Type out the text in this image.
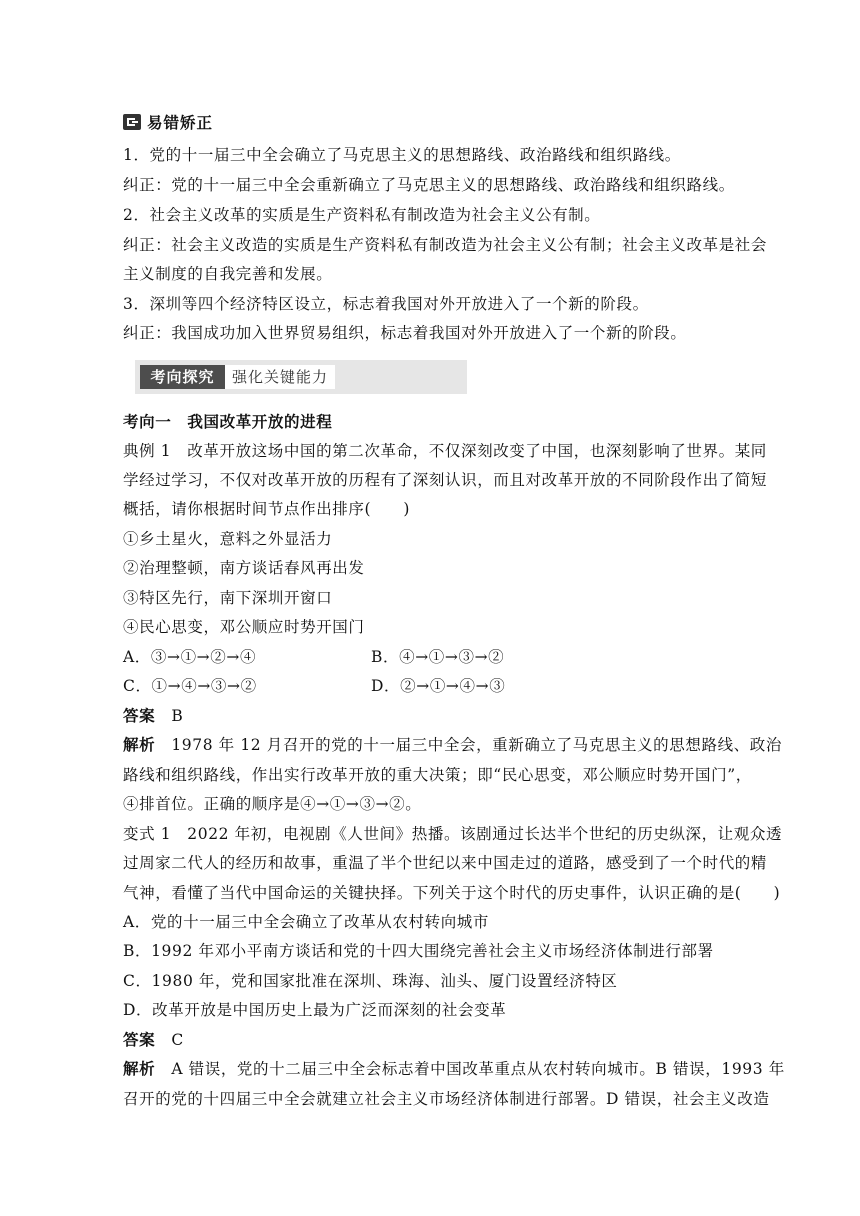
易错矫正
1．党的十一届三中全会确立了马克思主义的思想路线、政治路线和组织路线。
纠正：党的十一届三中全会重新确立了马克思主义的思想路线、政治路线和组织路线。
2．社会主义改革的实质是生产资料私有制改造为社会主义公有制。
纠正：社会主义改造的实质是生产资料私有制改造为社会主义公有制；社会主义改革是社会
主义制度的自我完善和发展。
3．深圳等四个经济特区设立，标志着我国对外开放进入了一个新的阶段。
纠正：我国成功加入世界贸易组织，标志着我国对外开放进入了一个新的阶段。
考向探究	强化关键能力
考向一　我国改革开放的进程
典例 1　改革开放这场中国的第二次革命，不仅深刻改变了中国，也深刻影响了世界。某同
学经过学习，不仅对改革开放的历程有了深刻认识，而且对改革开放的不同阶段作出了简短
概括，请你根据时间节点作出排序(　　)
①乡土星火，意料之外显活力
②治理整顿，南方谈话春风再出发
③特区先行，南下深圳开窗口
④民心思变，邓公顺应时势开国门
A．③→①→②→④	B．④→①→③→②
C．①→④→③→②	D．②→①→④→③
答案　 B
解析　 1978 年 12 月召开的党的十一届三中全会，重新确立了马克思主义的思想路线、政治
路线和组织路线，作出实行改革开放的重大决策；即“民心思变，邓公顺应时势开国门”，
④排首位。正确的顺序是④→①→③→②。
变式 1　2022 年初，电视剧《人世间》热播。该剧通过长达半个世纪的历史纵深，让观众透
过周家二代人的经历和故事，重温了半个世纪以来中国走过的道路，感受到了一个时代的精
气神，看懂了当代中国命运的关键抉择。下列关于这个时代的历史事件，认识正确的是(　　)
A．党的十一届三中全会确立了改革从农村转向城市
B．1992 年邓小平南方谈话和党的十四大围绕完善社会主义市场经济体制进行部署
C．1980 年，党和国家批准在深圳、珠海、汕头、厦门设置经济特区
D．改革开放是中国历史上最为广泛而深刻的社会变革
答案　 C
解析　 A 错误，党的十二届三中全会标志着中国改革重点从农村转向城市。B 错误，1993 年
召开的党的十四届三中全会就建立社会主义市场经济体制进行部署。D 错误，社会主义改造
